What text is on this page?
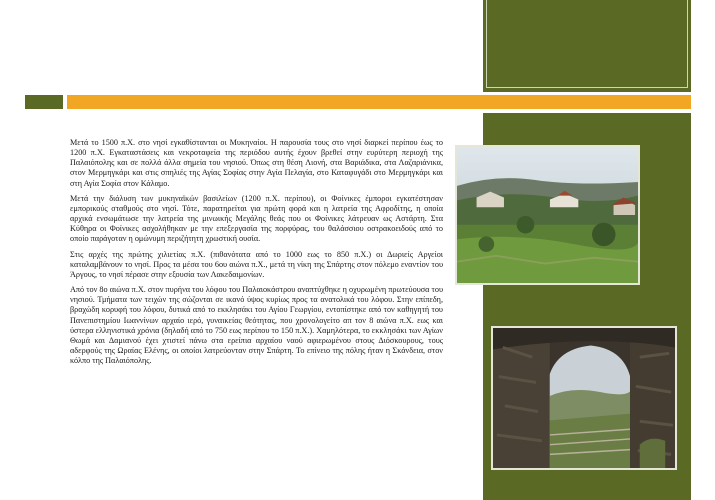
Μετά το 1500 π.Χ. στο νησί εγκαθίστανται οι Μυκηναίοι. Η παρουσία τους στο νησί διαρκεί περίπου έως το 1200 π.Χ. Εγκαταστάσεις και νεκροταφεία της περιόδου αυτής έχουν βρεθεί στην ευρύτερη περιοχή της Παλαιόπολης και σε πολλά άλλα σημεία του νησιού. Όπως στη θέση Λιονή, στα Βαριάδικα, στα Λαζαριάνικα, στον Μερμηγκάρι και στις σπηλιές της Αγίας Σοφίας στην Αγία Πελαγία, στο Καταφυγάδι στο Μερμηγκάρι και στη Αγία Σοφία στον Κάλαμο.

Μετά την διάλυση των μυκηναϊκών βασιλείων (1200 π.Χ. περίπου), οι Φοίνικες έμποροι εγκατέστησαν εμπορικούς σταθμούς στο νησί. Τότε, παρατηρείται για πρώτη φορά και η λατρεία της Αφροδίτης, η οποία αρχικά ενσωμάτωσε την λατρεία της μινωικής Μεγάλης θεάς που οι Φοίνικες λάτρευαν ως Αστάρτη. Στα Κύθηρα οι Φοίνικες ασχολήθηκαν με την επεξεργασία της πορφύρας, του θαλάσσιου οστρακοειδούς από το οποίο παράγοταν η ομώνυμη περιζήτητη χρωστική ουσία.

Στις αρχές της πρώτης χιλιετίας π.Χ. (πιθανότατα από το 1000 εως το 850 π.Χ.) οι Δωριείς Αργείοι καταλαμβάνουν το νησί. Προς τα μέσα του 6ου αιώνα π.Χ., μετά τη νίκη της Σπάρτης στον πόλεμο εναντίον του Άργους, το νησί πέρασε στην εξουσία των Λακεδαιμονίων.

Από τον 8ο αιώνα π.Χ. στον πυρήνα του λόφου του Παλαιοκάστρου αναπτύχθηκε η οχυρωμένη πρωτεύουσα του νησιού. Τμήματα των τειχών της σώζονται σε ικανό ύψος κυρίως προς τα ανατολικά του λόφου. Στην επίπεδη, βραχώδη κορυφή του λόφου, δυτικά από το εκκλησάκι του Αγίου Γεωργίου, εντοπίστηκε από τον καθηγητή του Πανεπιστημίου Ιωαννίνων αρχαίο ιερό, γυναικείας θεότητας, που χρονολογείτο απ τον 8 αιώνα π.Χ. εως και ύστερα ελληνιστικά χρόνια (δηλαδή από το 750 εως περίπου το 150 π.Χ.). Χαμηλότερα, το εκκλησάκι των Αγίων Θωμά και Δαμιανού έχει χτιστεί πάνω στα ερείπια αρχαίου ναού αφιερωμένου στους Διόσκουρους, τους αδερφούς της Ωραίας Ελένης, οι οποίοι λατρεύονταν στην Σπάρτη. Το επίνειο της πόλης ήταν η Σκάνδεια, στον κόλπο της Παλαιόπολης.
